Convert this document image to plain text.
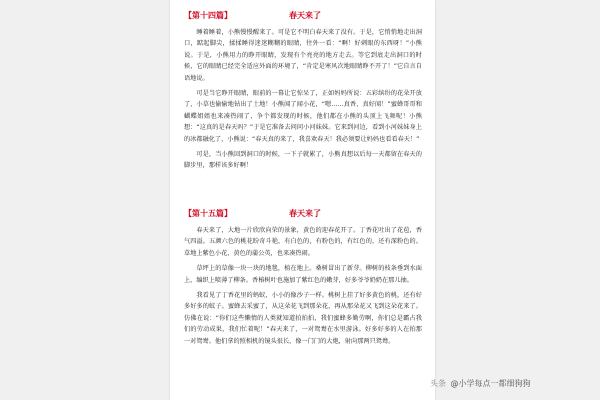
【第十四篇】	春天来了

睡着睡着，小熊慢慢醒来了。可是它不明白春天来了没有。于是，它悄悄地走出洞口，踮起脚尖，揉揉睡得迷迷糊糊的眼睛，往外一看：“啊！好刺眼的东西呀！”小熊说。于是，小熊用力的睁开眼睛，发现有个亮亮的地方走去。等它到底走出洞口的时候，它的眼睛已经完全适应外面的环境了，“肯定是寒风次地眼睛睁不开了！”它自言自语地说。

可是当它睁开眼睛，眼前的一幕让它惊呆了，正如妈妈所说：五彩缤纷的花朵开放了，小草也偷偷地钻出了土地！小熊闻了闻小花，“嗯……真香，真好闻！”蜜蜂哥哥和蝴蝶姐姐也来凑热闹了，争个都发现的时候，他们都在小熊的头顶上飞舞呢！小熊想：“这真的是春天吗？”于是它准备去问问小河妹妹。它来到河边，看到小河妹妹身上的冰都融化了，小熊说：“春天真的来了，我喜欢春天！我必须要让妈妈也看看春天！”

可是，当小熊回到洞口的时候，一下子就累了，小熊真想以后每一天都留在春天的脚步里，那样该多好啊！

【第十五篇】	春天来了

春天来了，大地一片欣欣向荣的景象，黄色的迎春花开了。丁香花吐出了花苞，香气四溢。五颜六色的桃花盼奇斗艳，有白色的，有粉色的，有红色的，还有深粉色的。草地上紫色小花，黄色的蒲公英，也来凑热闹。

草坪上的草像一块一块的地毯，植在地上。桑树冒出了新芽。柳树的枝条垂到水面上，编织上喷薄了柳条。香椿树叶也施加了紫红色的嫩芽，好多爷爷奶奶在那儿抽。

我看见了丁香花里的蚂蚁，小小的像沙子一样。桃树上挂了好多黄色的桃，还有好多好多的蚊子。蜜蜂去采蜜了，从这朵花飞到那朵花，再从那朵花又飞到这朵花来了。仿佛在说：“你们这些懒惰的人类就知道拍拍拍，我们蜜蜂多勤劳啊，你们总是霸占我们的劳动成果，我们忙着呢！”春天来了，一对鸳鸯在水里游泳。好多好多的人在拍那一对鸳鸯。他们拿的照相机的镜头很长，像一门门的大炮，射向那两只鸳鸯。

头条 @小学每点一都细狗狗
